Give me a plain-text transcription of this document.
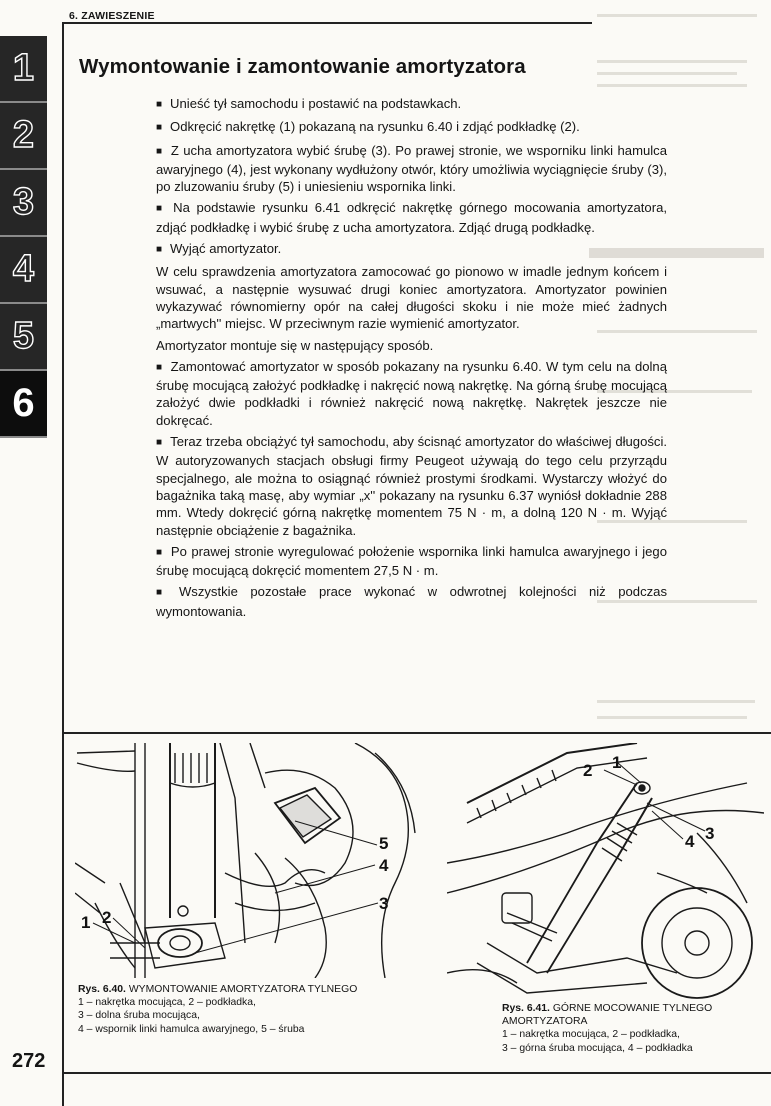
1
2
3
4
5
6
6. ZAWIESZENIE
Wymontowanie i zamontowanie amortyzatora

■ Unieść tył samochodu i postawić na podstawkach.

■ Odkręcić nakrętkę (1) pokazaną na rysunku 6.40 i zdjąć podkładkę (2).

■ Z ucha amortyzatora wybić śrubę (3). Po prawej stronie, we wsporniku linki hamulca awaryjnego (4), jest wykonany wydłużony otwór, który umożliwia wyciągnięcie śruby (3), po zluzowaniu śruby (5) i uniesieniu wspornika linki.

■ Na podstawie rysunku 6.41 odkręcić nakrętkę górnego mocowania amortyzatora, zdjąć podkładkę i wybić śrubę z ucha amortyzatora. Zdjąć drugą podkładkę.

■ Wyjąć amortyzator.

W celu sprawdzenia amortyzatora zamocować go pionowo w imadle jednym końcem i wsuwać, a następnie wysuwać drugi koniec amortyzatora. Amortyzator powinien wykazywać równomierny opór na całej długości skoku i nie może mieć żadnych „martwych'' miejsc. W przeciwnym razie wymienić amortyzator.

Amortyzator montuje się w następujący sposób.

■ Zamontować amortyzator w sposób pokazany na rysunku 6.40. W tym celu na dolną śrubę mocującą założyć podkładkę i nakręcić nową nakrętkę. Na górną śrubę mocującą założyć dwie podkładki i również nakręcić nową nakrętkę. Nakrętek jeszcze nie dokręcać.

■ Teraz trzeba obciążyć tył samochodu, aby ścisnąć amortyzator do właściwej długości. W autoryzowanych stacjach obsługi firmy Peugeot używają do tego celu przyrządu specjalnego, ale można to osiągnąć również prostymi środkami. Wystarczy włożyć do bagażnika taką masę, aby wymiar „x'' pokazany na rysunku 6.37 wyniósł dokładnie 288 mm. Wtedy dokręcić górną nakrętkę momentem 75 N · m, a dolną 120 N · m. Wyjąć następnie obciążenie z bagażnika.

■ Po prawej stronie wyregulować położenie wspornika linki hamulca awaryjnego i jego śrubę mocującą dokręcić momentem 27,5 N · m.

■ Wszystkie pozostałe prace wykonać w odwrotnej kolejności niż podczas wymontowania.

1 2
3
4
5
2 1
3
4
Rys. 6.40. WYMONTOWANIE AMORTYZATORA TYLNEGO
1 – nakrętka mocująca, 2 – podkładka,
3 – dolna śruba mocująca,
4 – wspornik linki hamulca awaryjnego, 5 – śruba
Rys. 6.41. GÓRNE MOCOWANIE TYLNEGO AMORTYZATORA
1 – nakrętka mocująca, 2 – podkładka,
3 – górna śruba mocująca, 4 – podkładka
272
